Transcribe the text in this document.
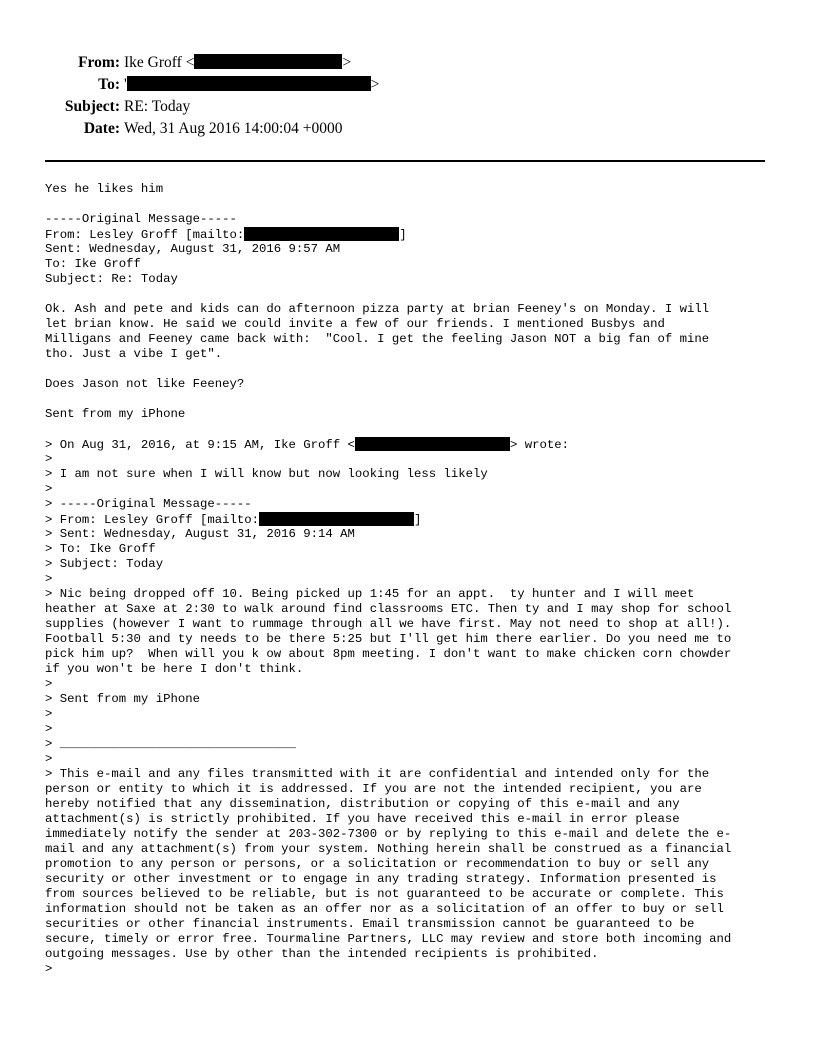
From: Ike Groff <	>
To: '	>
Subject: RE: Today
Date: Wed, 31 Aug 2016 14:00:04 +0000
Yes he likes him
-----Original Message-----
From: Lesley Groff [mailto:	]
Sent: Wednesday, August 31, 2016 9:57 AM
To: Ike Groff
Subject: Re: Today
Ok. Ash and pete and kids can do afternoon pizza party at brian Feeney's on Monday. I will
let brian know. He said we could invite a few of our friends. I mentioned Busbys and
Milligans and Feeney came back with:  "Cool. I get the feeling Jason NOT a big fan of mine
tho. Just a vibe I get".
Does Jason not like Feeney?
Sent from my iPhone
> On Aug 31, 2016, at 9:15 AM, Ike Groff <	> wrote:
>
> I am not sure when I will know but now looking less likely
>
> -----Original Message-----
> From: Lesley Groff [mailto:	]
> Sent: Wednesday, August 31, 2016 9:14 AM
> To: Ike Groff
> Subject: Today
>
> Nic being dropped off 10. Being picked up 1:45 for an appt.  ty hunter and I will meet
heather at Saxe at 2:30 to walk around find classrooms ETC. Then ty and I may shop for school
supplies (however I want to rummage through all we have first. May not need to shop at all!).
Football 5:30 and ty needs to be there 5:25 but I'll get him there earlier. Do you need me to
pick him up?  When will you k ow about 8pm meeting. I don't want to make chicken corn chowder
if you won't be here I don't think.
>
> Sent from my iPhone
>
>
> ________________________________
>
> This e-mail and any files transmitted with it are confidential and intended only for the
person or entity to which it is addressed. If you are not the intended recipient, you are
hereby notified that any dissemination, distribution or copying of this e-mail and any
attachment(s) is strictly prohibited. If you have received this e-mail in error please
immediately notify the sender at 203-302-7300 or by replying to this e-mail and delete the e-
mail and any attachment(s) from your system. Nothing herein shall be construed as a financial
promotion to any person or persons, or a solicitation or recommendation to buy or sell any
security or other investment or to engage in any trading strategy. Information presented is
from sources believed to be reliable, but is not guaranteed to be accurate or complete. This
information should not be taken as an offer nor as a solicitation of an offer to buy or sell
securities or other financial instruments. Email transmission cannot be guaranteed to be
secure, timely or error free. Tourmaline Partners, LLC may review and store both incoming and
outgoing messages. Use by other than the intended recipients is prohibited.
>
